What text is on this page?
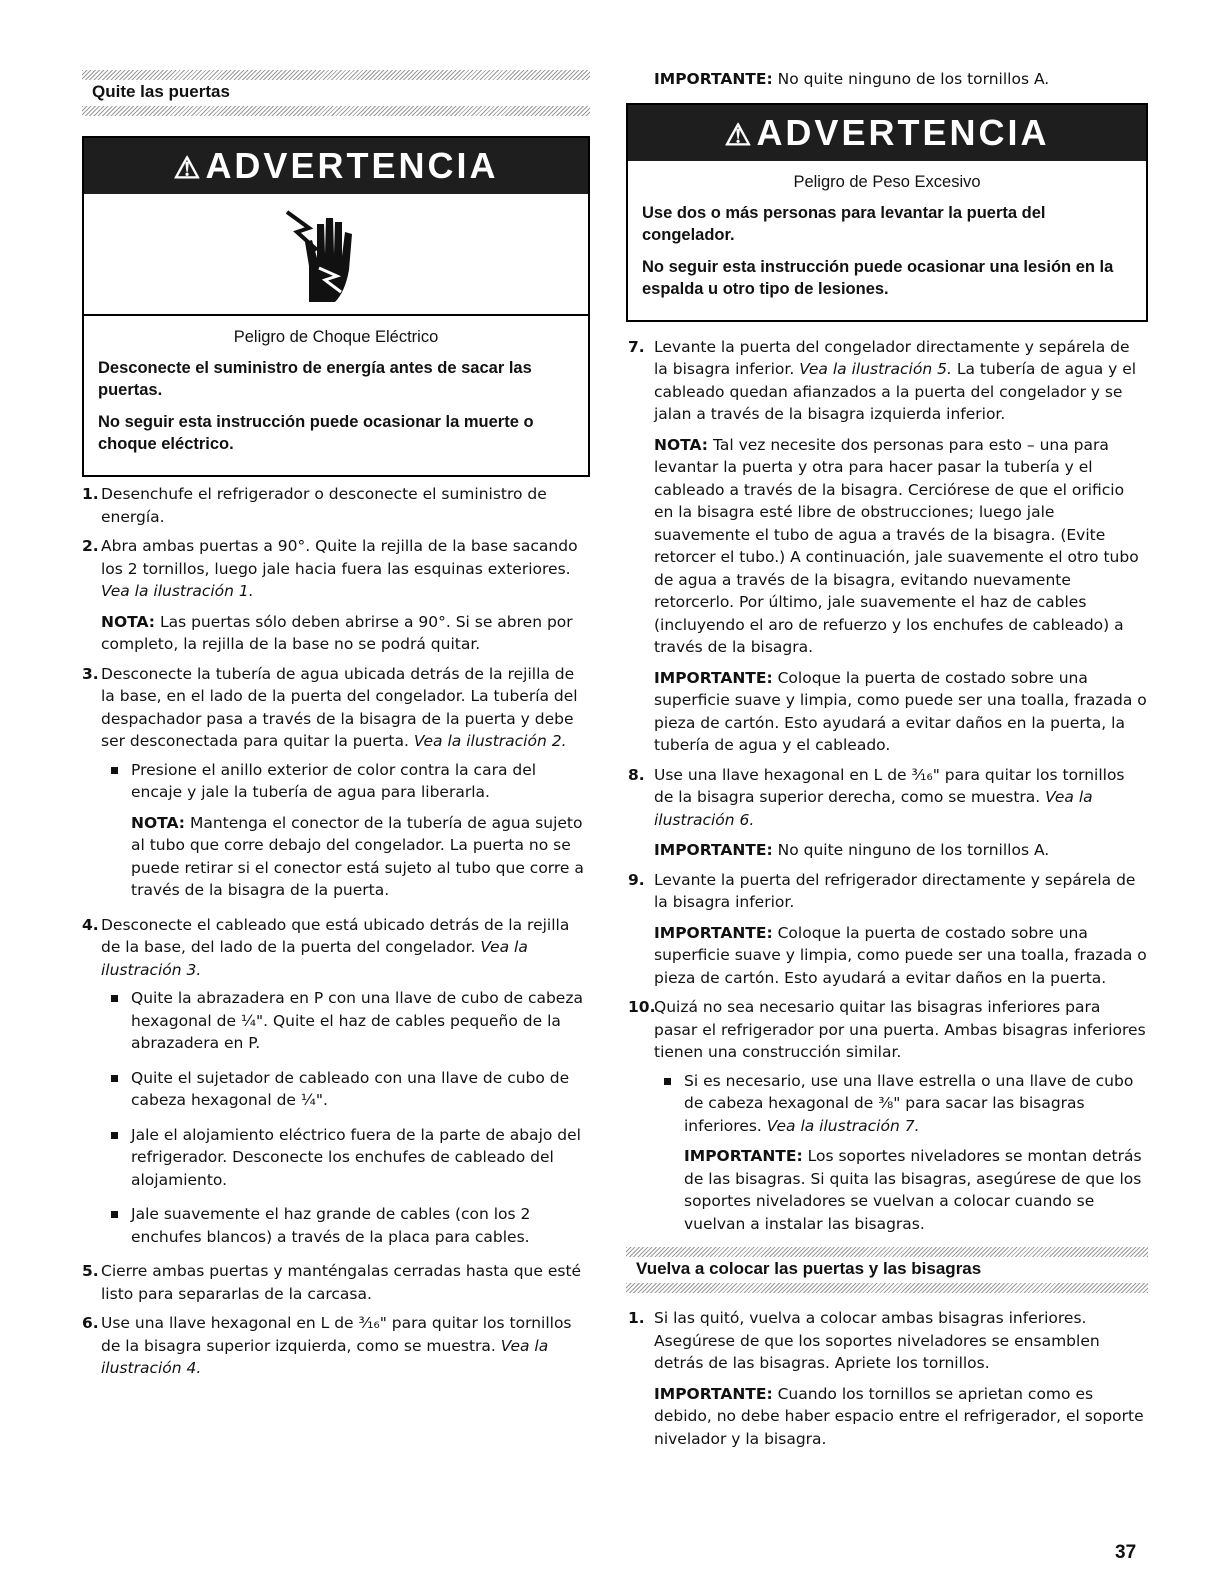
Quite las puertas
⚠ADVERTENCIA
Peligro de Choque Eléctrico

Desconecte el suministro de energía antes de sacar las puertas.

No seguir esta instrucción puede ocasionar la muerte o choque eléctrico.

1. Desenchufe el refrigerador o desconecte el suministro de energía.

2. Abra ambas puertas a 90°. Quite la rejilla de la base sacando los 2 tornillos, luego jale hacia fuera las esquinas exteriores. Vea la ilustración 1.

NOTA: Las puertas sólo deben abrirse a 90°. Si se abren por completo, la rejilla de la base no se podrá quitar.

3. Desconecte la tubería de agua ubicada detrás de la rejilla de la base, en el lado de la puerta del congelador. La tubería del despachador pasa a través de la bisagra de la puerta y debe ser desconectada para quitar la puerta. Vea la ilustración 2.

Presione el anillo exterior de color contra la cara del encaje y jale la tubería de agua para liberarla.

NOTA: Mantenga el conector de la tubería de agua sujeto al tubo que corre debajo del congelador. La puerta no se puede retirar si el conector está sujeto al tubo que corre a través de la bisagra de la puerta.

4. Desconecte el cableado que está ubicado detrás de la rejilla de la base, del lado de la puerta del congelador. Vea la ilustración 3.

Quite la abrazadera en P con una llave de cubo de cabeza hexagonal de ¼". Quite el haz de cables pequeño de la abrazadera en P.

Quite el sujetador de cableado con una llave de cubo de cabeza hexagonal de ¼".

Jale el alojamiento eléctrico fuera de la parte de abajo del refrigerador. Desconecte los enchufes de cableado del alojamiento.

Jale suavemente el haz grande de cables (con los 2 enchufes blancos) a través de la placa para cables.

5. Cierre ambas puertas y manténgalas cerradas hasta que esté listo para separarlas de la carcasa.

6. Use una llave hexagonal en L de ³⁄₁₆" para quitar los tornillos de la bisagra superior izquierda, como se muestra. Vea la ilustración 4.

IMPORTANTE: No quite ninguno de los tornillos A.

⚠ADVERTENCIA
Peligro de Peso Excesivo

Use dos o más personas para levantar la puerta del congelador.

No seguir esta instrucción puede ocasionar una lesión en la espalda u otro tipo de lesiones.

7. Levante la puerta del congelador directamente y sepárela de la bisagra inferior. Vea la ilustración 5. La tubería de agua y el cableado quedan afianzados a la puerta del congelador y se jalan a través de la bisagra izquierda inferior.

NOTA: Tal vez necesite dos personas para esto – una para levantar la puerta y otra para hacer pasar la tubería y el cableado a través de la bisagra. Cerciórese de que el orificio en la bisagra esté libre de obstrucciones; luego jale suavemente el tubo de agua a través de la bisagra. (Evite retorcer el tubo.) A continuación, jale suavemente el otro tubo de agua a través de la bisagra, evitando nuevamente retorcerlo. Por último, jale suavemente el haz de cables (incluyendo el aro de refuerzo y los enchufes de cableado) a través de la bisagra.

IMPORTANTE: Coloque la puerta de costado sobre una superficie suave y limpia, como puede ser una toalla, frazada o pieza de cartón. Esto ayudará a evitar daños en la puerta, la tubería de agua y el cableado.

8. Use una llave hexagonal en L de ³⁄₁₆" para quitar los tornillos de la bisagra superior derecha, como se muestra. Vea la ilustración 6.

IMPORTANTE: No quite ninguno de los tornillos A.

9. Levante la puerta del refrigerador directamente y sepárela de la bisagra inferior.

IMPORTANTE: Coloque la puerta de costado sobre una superficie suave y limpia, como puede ser una toalla, frazada o pieza de cartón. Esto ayudará a evitar daños en la puerta.

10.

Quizá no sea necesario quitar las bisagras inferiores para pasar el refrigerador por una puerta. Ambas bisagras inferiores tienen una construcción similar.

Si es necesario, use una llave estrella o una llave de cubo de cabeza hexagonal de ⅜" para sacar las bisagras inferiores. Vea la ilustración 7.

IMPORTANTE: Los soportes niveladores se montan detrás de las bisagras. Si quita las bisagras, asegúrese de que los soportes niveladores se vuelvan a colocar cuando se vuelvan a instalar las bisagras.

Vuelva a colocar las puertas y las bisagras
1. Si las quitó, vuelva a colocar ambas bisagras inferiores. Asegúrese de que los soportes niveladores se ensamblen detrás de las bisagras. Apriete los tornillos.

IMPORTANTE: Cuando los tornillos se aprietan como es debido, no debe haber espacio entre el refrigerador, el soporte nivelador y la bisagra.

37
